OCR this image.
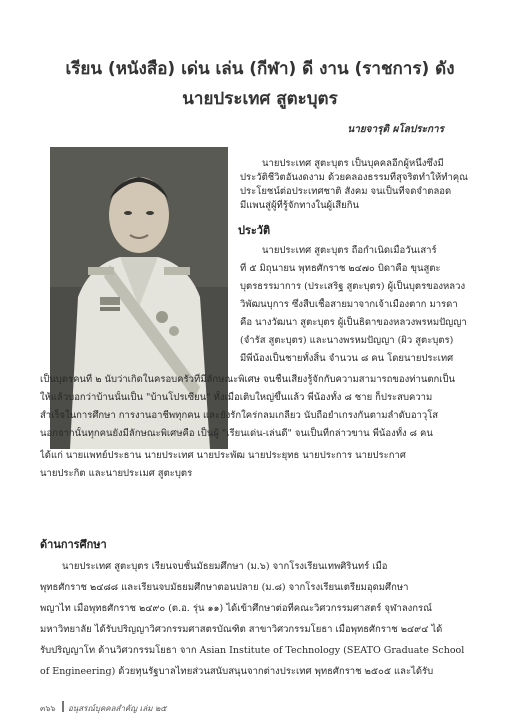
เรียน (หนังสือ) เด่น เล่น (กีฬา) ดี งาน (ราชการ) ดัง
นายประเทศ สูตะบุตร
นายจารุติ ผโลประการ
นายประเทศ สูตะบุตร เป็นบุคคลอีกผู้หนึ่งซึ่งมี
ประวัติชีวิตอันงดงาม ด้วยคลองธรรมที่สุจริตทำให้ทำคุณ
ประโยชน์ต่อประเทศชาติ สังคม จนเป็นที่จดจำตลอด
มีแพนสู่ผู้ที่รู้จักทางในผู้เสียกิน
ประวัติ
นายประเทศ สูตะบุตร ถือกำเนิดเมื่อวันเสาร์
ที่ ๕ มิถุนายน พุทธศักราช ๒๔๗๐ บิดาคือ ขุนสูตะ
บุตรธรรมาการ (ประเสริฐ สูตะบุตร) ผู้เป็นบุตรของหลวง
วิพัฒนบุการ ซึ่งสืบเชื้อสายมาจากเจ้าเมืองตาก มารดา
คือ นางวัฒนา สูตะบุตร ผู้เป็นธิดาของหลวงพรหมปัญญา
(จำรัส สูตะบุตร) และนางพรหมปัญญา (ผิว สูตะบุตร)
มีพี่น้องเป็นชายทั้งสิ้น จำนวน ๘ คน โดยนายประเทศ
เป็นบุตรคนที่ ๒ นับว่าเกิดในครอบครัวที่มีลักษณะพิเศษ จนชื่นเสียงรู้จักกับความสามารถของท่านตกเป็น
ให้แล้วบอกว่าบ้านนั้นเป็น "บ้านโปรเซียน" ทั้งเมื่อเติบใหญ่ขึ้นแล้ว พี่น้องทั้ง ๘ ชาย ก็ประสบความ
สำเร็จในการศึกษา การงานอาชีพทุกคน และยังรักใคร่กลมเกลียว นับถือยำเกรงกันตามลำดับอาวุโส
นอกจากนั้นทุกคนยังมีลักษณะพิเศษคือ เป็นผู้ "เรียนเด่น-เล่นดี" จนเป็นที่กล่าวขาน พี่น้องทั้ง ๘ คน
ได้แก่ นายแพทย์ประธาน นายประเทศ นายประพัฒ นายประยุทธ นายประการ นายประกาศ
นายประกิต และนายประเมศ สูตะบุตร
ด้านการศึกษา
นายประเทศ สูตะบุตร เรียนจบชั้นมัธยมศึกษา (ม.๖) จากโรงเรียนเทพศิรินทร์ เมื่อ
พุทธศักราช ๒๔๘๘ และเรียนจบมัธยมศึกษาตอนปลาย (ม.๘) จากโรงเรียนเตรียมอุดมศึกษา
พญาไท เมื่อพุทธศักราช ๒๔๙๐ (ต.อ. รุ่น ๑๑) ได้เข้าศึกษาต่อที่คณะวิศวกรรมศาสตร์ จุฬาลงกรณ์
มหาวิทยาลัย ได้รับปริญญาวิศวกรรมศาสตรบัณฑิต สาขาวิศวกรรมโยธา เมื่อพุทธศักราช ๒๔๙๔ ได้
รับปริญญาโท ด้านวิศวกรรมโยธา จาก Asian Institute of Technology (SEATO Graduate School
of Engineering) ด้วยทุนรัฐบาลไทยส่วนสนับสนุนจากต่างประเทศ พุทธศักราช ๒๕๐๕ และได้รับ
๓๖๖ อนุสรณ์บุคคลสำคัญ เล่ม ๒๕
